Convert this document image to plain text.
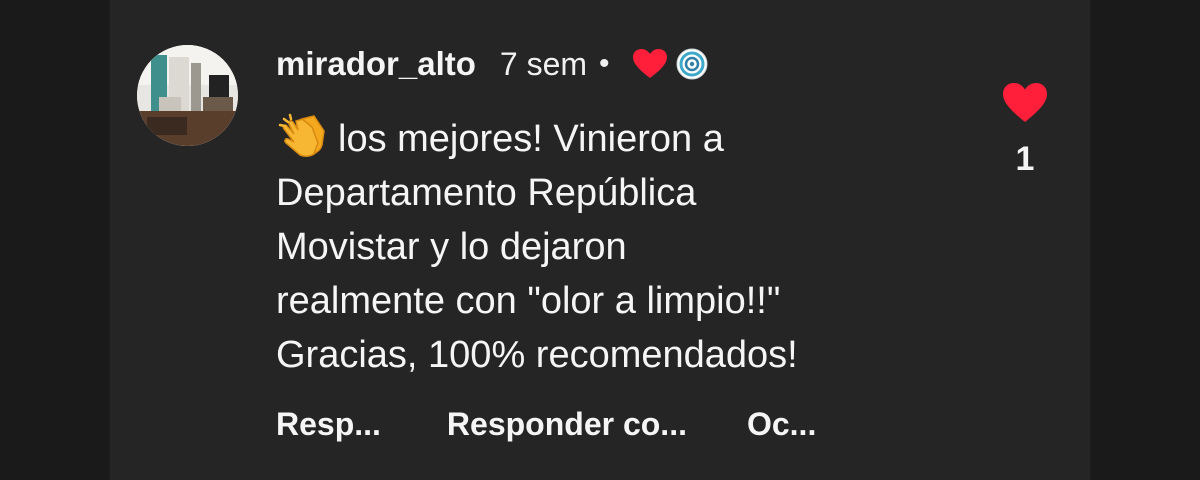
mirador_alto 7 sem •
los mejores! Vinieron a
Departamento República
Movistar y lo dejaron
realmente con "olor a limpio!!"
Gracias, 100% recomendados!
Resp... Responder co... Oc...
1
